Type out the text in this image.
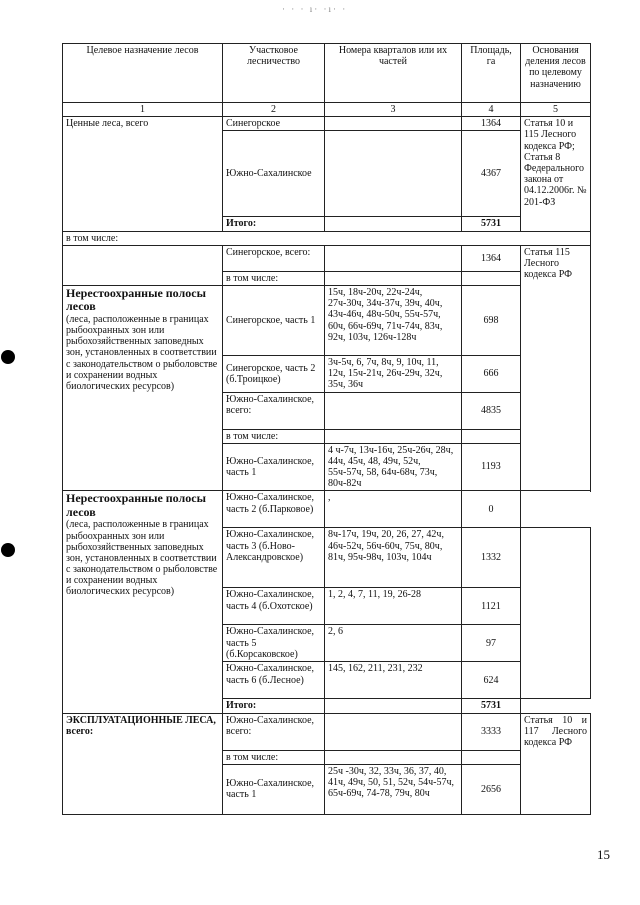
· · · ı· ·ı· ·
Целевое назначение лесов	Участковое лесничество	Номера кварталов или их частей	Площадь, га	Основания деления лесов по целевому назначению
1	2	3	4	5
Ценные леса, всего	Синегорское		1364	Статья 10 и 115 Лесного кодекса РФ; Статья 8 Федерального закона от 04.12.2006г. № 201-ФЗ
	Южно-Сахалинское		4367	
	Итого:		5731	
в том числе:				
	Синегорское, всего:		1364	Статья 115 Лесного кодекса РФ
	в том числе:			

Нерестоохранные полосы лесов
(леса, расположенные в границах рыбоохранных зон или рыбохозяйственных заповедных зон, установленных в соответствии с законодательством о рыболовстве и сохранении водных биологических ресурсов)	Синегорское, часть 1	15ч, 18ч-20ч, 22ч-24ч, 27ч-30ч, 34ч-37ч, 39ч, 40ч, 43ч-46ч, 48ч-50ч, 55ч-57ч, 60ч, 66ч-69ч, 71ч-74ч, 83ч, 92ч, 103ч, 126ч-128ч	698	
	Синегорское, часть 2 (б.Троицкое)	3ч-5ч, 6, 7ч, 8ч, 9, 10ч, 11, 12ч, 15ч-21ч, 26ч-29ч, 32ч, 35ч, 36ч	666	
	Южно-Сахалинское, всего:		4835	
	в том числе:			
	Южно-Сахалинское, часть 1	4 ч-7ч, 13ч-16ч, 25ч-26ч, 28ч, 44ч, 45ч, 48, 49ч, 52ч, 55ч-57ч, 58, 64ч-68ч, 73ч, 80ч-82ч	1193	

Нерестоохранные полосы лесов
(леса, расположенные в границах рыбоохранных зон или рыбохозяйственных заповедных зон, установленных в соответствии с законодательством о рыболовстве и сохранении водных биологических ресурсов)	Южно-Сахалинское, часть 2 (б.Парковое)	,	0	
	Южно-Сахалинское, часть 3 (б.Ново-Александровское)	8ч-17ч, 19ч, 20, 26, 27, 42ч, 46ч-52ч, 56ч-60ч, 75ч, 80ч, 81ч, 95ч-98ч, 103ч, 104ч	1332	
	Южно-Сахалинское, часть 4 (б.Охотское)	1, 2, 4, 7, 11, 19, 26-28	1121	
	Южно-Сахалинское, часть 5 (б.Корсаковское)	2, 6	97	
	Южно-Сахалинское, часть 6 (б.Лесное)	145, 162, 211, 231, 232	624	
	Итого:		5731	
ЭКСПЛУАТАЦИОННЫЕ ЛЕСА, всего:	Южно-Сахалинское, всего:		3333	Статья 10 и 117 Лесного кодекса РФ
	в том числе:			
	Южно-Сахалинское, часть 1	25ч -30ч, 32, 33ч, 36, 37, 40, 41ч, 49ч, 50, 51, 52ч, 54ч-57ч, 65ч-69ч, 74-78, 79ч, 80ч	2656	
15
